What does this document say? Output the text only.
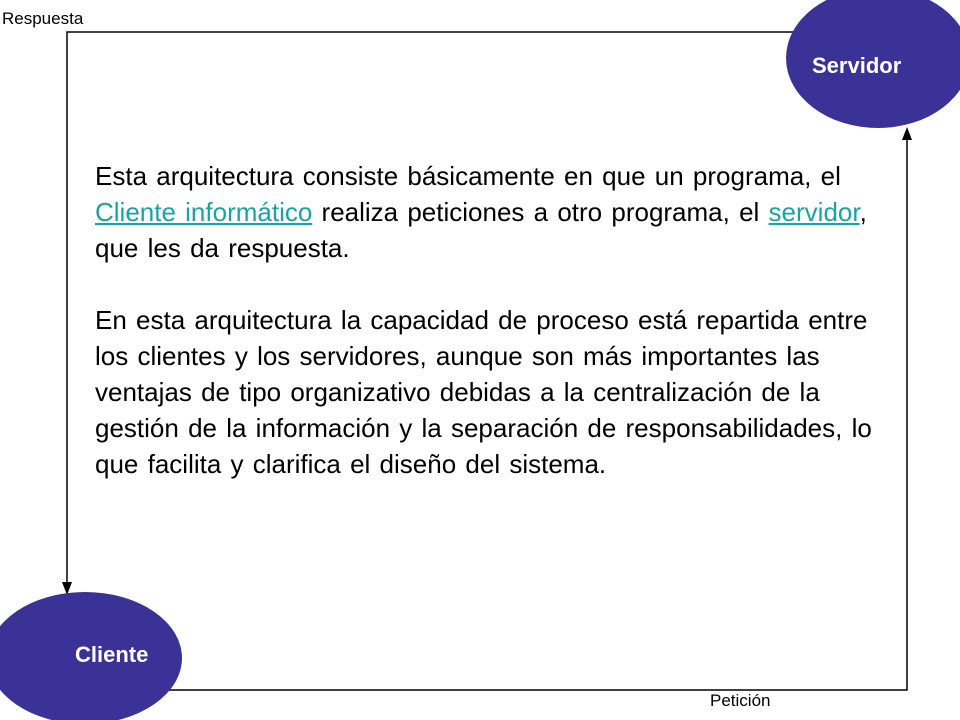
Servidor
Cliente
Respuesta
Petición

Esta arquitectura consiste básicamente en que un programa, el Cliente informático realiza peticiones a otro programa, el servidor, que les da respuesta.

En esta arquitectura la capacidad de proceso está repartida entre los clientes y los servidores, aunque son más importantes las ventajas de tipo organizativo debidas a la centralización de la gestión de la información y la separación de responsabilidades, lo que facilita y clarifica el diseño del sistema.
